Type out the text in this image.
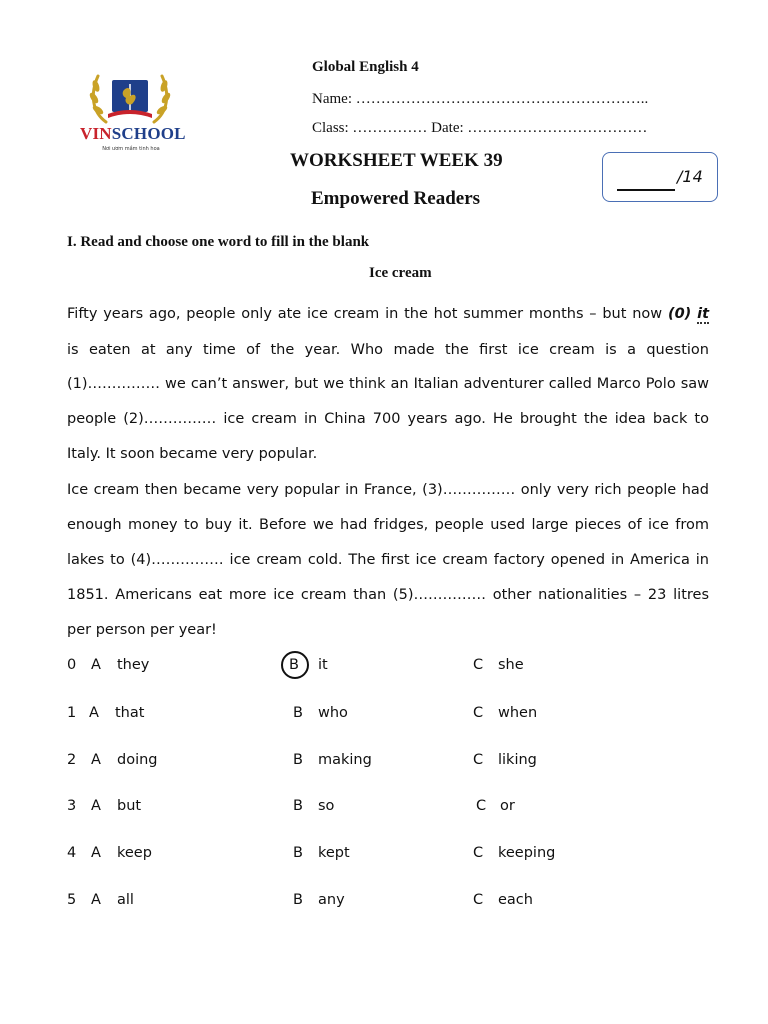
VINSCHOOL
Nơi ươm mầm tinh hoa
Global English 4
Name: …………………………………………………..
Class: …………… Date: ………………………………
WORKSHEET WEEK 39
Empowered Readers
/14
I. Read and choose one word to fill in the blank
Ice cream
Fifty years ago, people only ate ice cream in the hot summer months – but now (0) it
is eaten at any time of the year. Who made the first ice cream is a question
(1)…………… we can’t answer, but we think an Italian adventurer called Marco Polo saw
people (2)…………… ice cream in China 700 years ago. He brought the idea back to
Italy. It soon became very popular.
Ice cream then became very popular in France, (3)…………… only very rich people had
enough money to buy it. Before we had fridges, people used large pieces of ice from
lakes to (4)…………… ice cream cold. The first ice cream factory opened in America in
1851. Americans eat more ice cream than (5)…………… other nationalities – 23 litres
per person per year!
0 A they	B it	C she
1 A that	B who	C when
2 A doing	B making	C liking
3 A but	B so	C or
4 A keep	B kept	C keeping
5 A all	B any	C each
